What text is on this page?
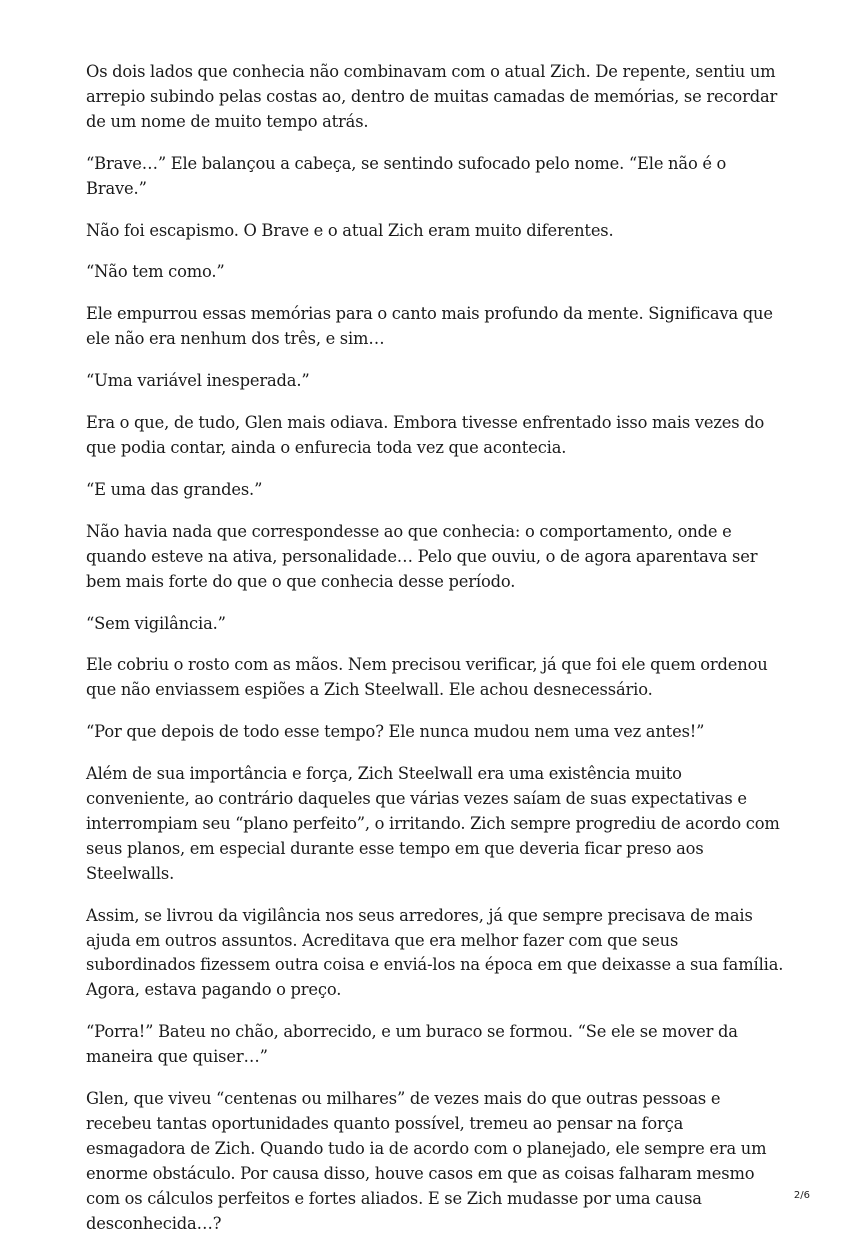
Os dois lados que conhecia não combinavam com o atual Zich. De repente, sentiu um arrepio subindo pelas costas ao, dentro de muitas camadas de memórias, se recordar de um nome de muito tempo atrás.

“Brave…” Ele balançou a cabeça, se sentindo sufocado pelo nome. “Ele não é o Brave.”

Não foi escapismo. O Brave e o atual Zich eram muito diferentes.

“Não tem como.”

Ele empurrou essas memórias para o canto mais profundo da mente. Significava que ele não era nenhum dos três, e sim…

“Uma variável inesperada.”

Era o que, de tudo, Glen mais odiava. Embora tivesse enfrentado isso mais vezes do que podia contar, ainda o enfurecia toda vez que acontecia.

“E uma das grandes.”

Não havia nada que correspondesse ao que conhecia: o comportamento, onde e quando esteve na ativa, personalidade… Pelo que ouviu, o de agora aparentava ser bem mais forte do que o que conhecia desse período.

“Sem vigilância.”

Ele cobriu o rosto com as mãos. Nem precisou verificar, já que foi ele quem ordenou que não enviassem espiões a Zich Steelwall. Ele achou desnecessário.

“Por que depois de todo esse tempo? Ele nunca mudou nem uma vez antes!”

Além de sua importância e força, Zich Steelwall era uma existência muito conveniente, ao contrário daqueles que várias vezes saíam de suas expectativas e interrompiam seu “plano perfeito”, o irritando. Zich sempre progrediu de acordo com seus planos, em especial durante esse tempo em que deveria ficar preso aos Steelwalls.

Assim, se livrou da vigilância nos seus arredores, já que sempre precisava de mais ajuda em outros assuntos. Acreditava que era melhor fazer com que seus subordinados fizessem outra coisa e enviá-los na época em que deixasse a sua família. Agora, estava pagando o preço.

“Porra!” Bateu no chão, aborrecido, e um buraco se formou. “Se ele se mover da maneira que quiser…”

Glen, que viveu “centenas ou milhares” de vezes mais do que outras pessoas e recebeu tantas oportunidades quanto possível, tremeu ao pensar na força esmagadora de Zich. Quando tudo ia de acordo com o planejado, ele sempre era um enorme obstáculo. Por causa disso, houve casos em que as coisas falharam mesmo com os cálculos perfeitos e fortes aliados. E se Zich mudasse por uma causa desconhecida…?

2/6
